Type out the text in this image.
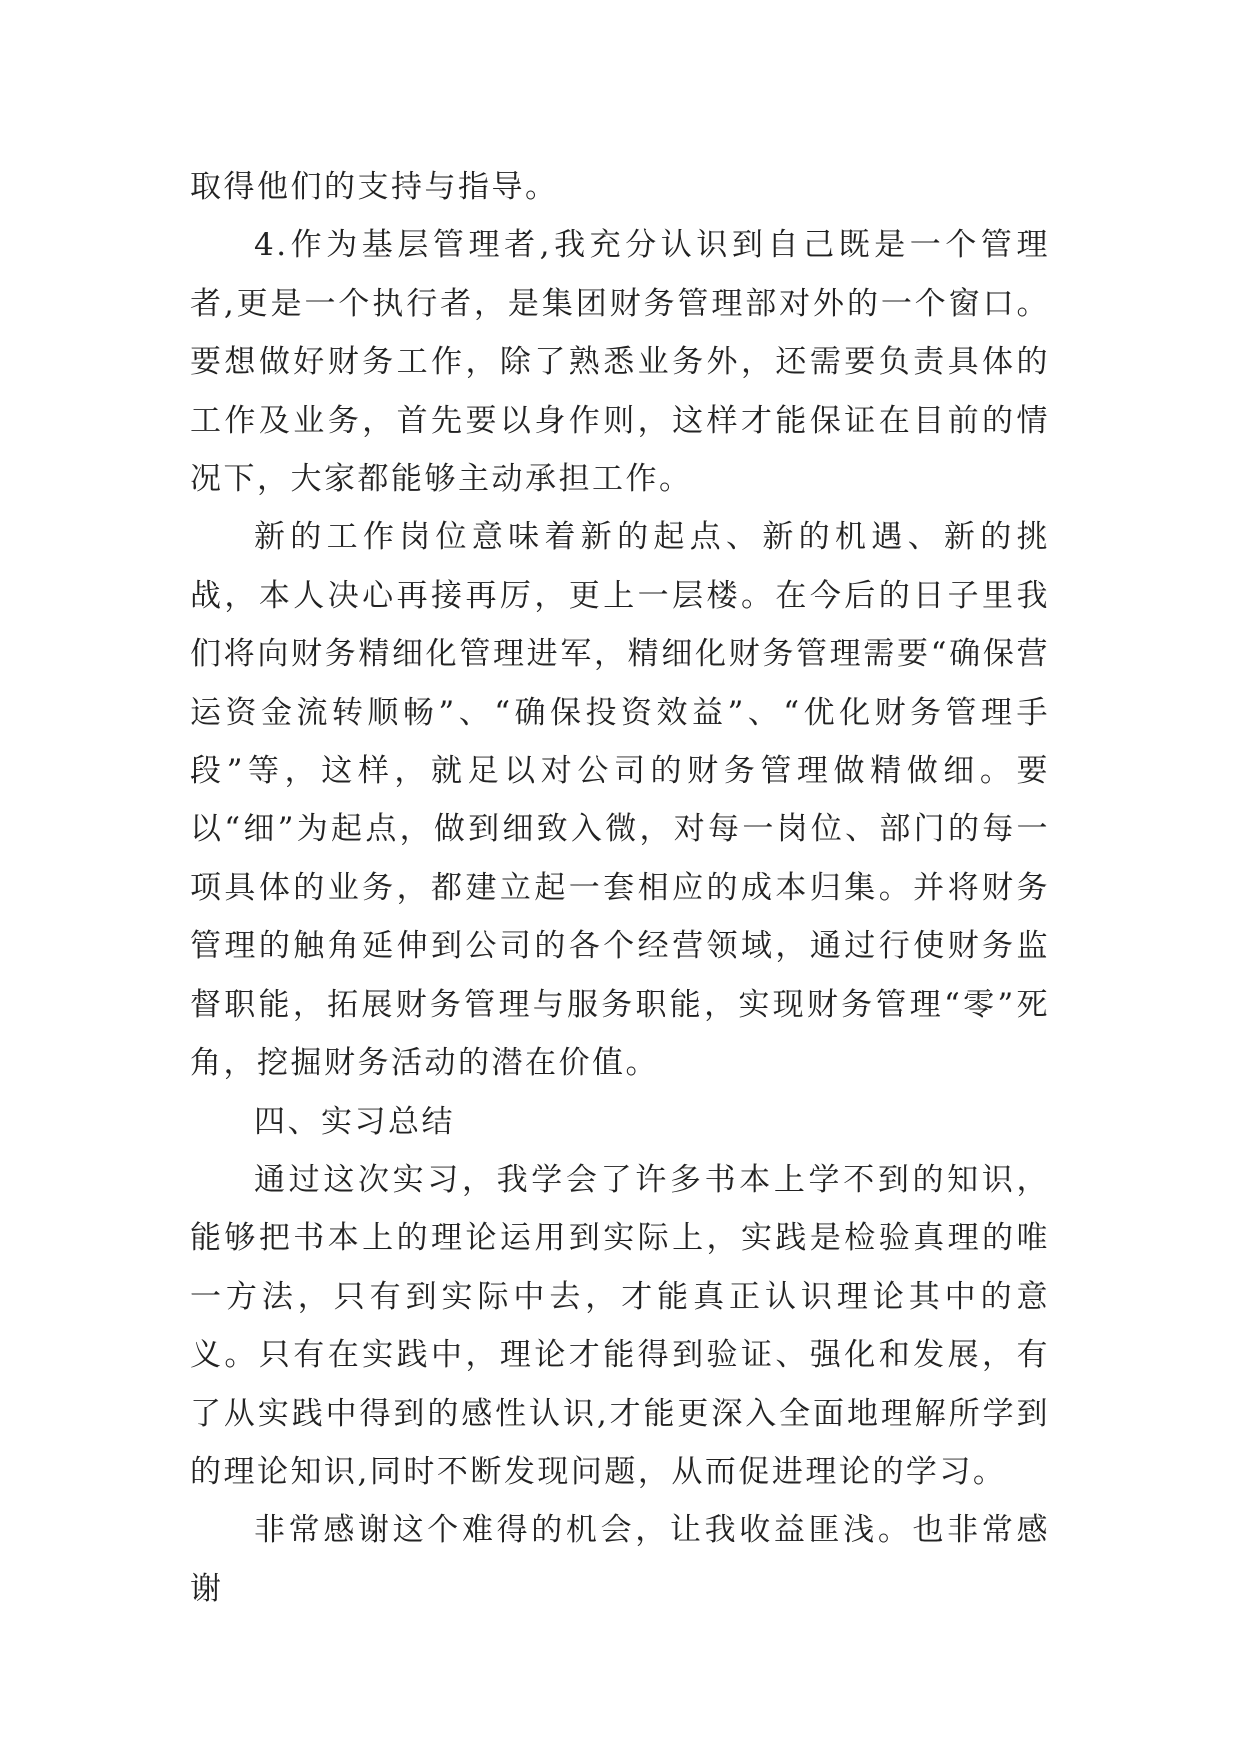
取得他们的支持与指导。

4.作为基层管理者,我充分认识到自己既是一个管理者,更是一个执行者，是集团财务管理部对外的一个窗口。要想做好财务工作，除了熟悉业务外，还需要负责具体的工作及业务，首先要以身作则，这样才能保证在目前的情况下，大家都能够主动承担工作。

新的工作岗位意味着新的起点、新的机遇、新的挑战，本人决心再接再厉，更上一层楼。在今后的日子里我们将向财务精细化管理进军，精细化财务管理需要“确保营运资金流转顺畅”、“确保投资效益”、“优化财务管理手段”等，这样，就足以对公司的财务管理做精做细。要以“细”为起点，做到细致入微，对每一岗位、部门的每一项具体的业务，都建立起一套相应的成本归集。并将财务管理的触角延伸到公司的各个经营领域，通过行使财务监督职能，拓展财务管理与服务职能，实现财务管理“零”死角，挖掘财务活动的潜在价值。

四、实习总结

通过这次实习，我学会了许多书本上学不到的知识，能够把书本上的理论运用到实际上，实践是检验真理的唯一方法，只有到实际中去，才能真正认识理论其中的意义。只有在实践中，理论才能得到验证、强化和发展，有了从实践中得到的感性认识,才能更深入全面地理解所学到的理论知识,同时不断发现问题，从而促进理论的学习。

非常感谢这个难得的机会，让我收益匪浅。也非常感谢
